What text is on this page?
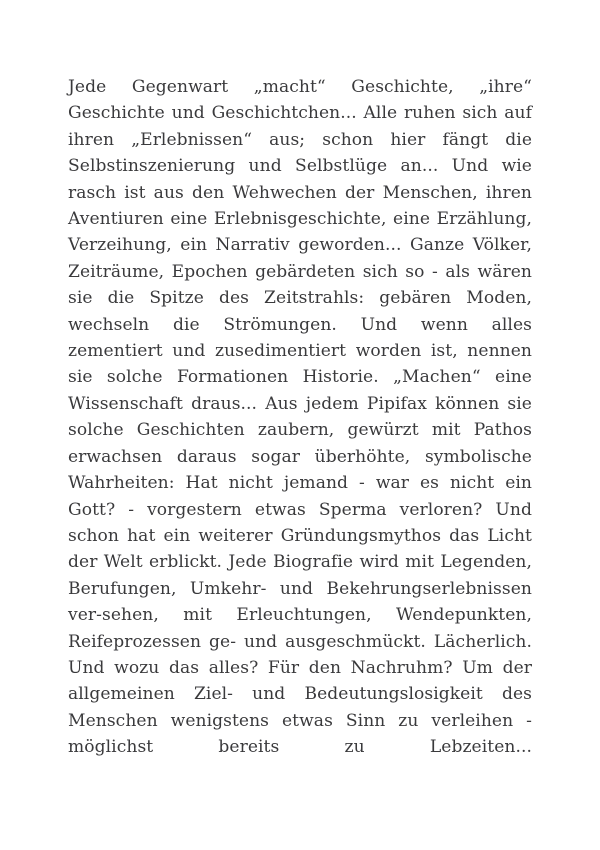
Jede Gegenwart „macht“ Geschichte, „ihre“ Geschichte und Geschichtchen... Alle ruhen sich auf ihren „Erlebnissen“ aus; schon hier fängt die Selbstinszenierung und Selbstlüge an... Und wie rasch ist aus den Wehwechen der Menschen, ihren Aventiuren eine Erlebnisgeschichte, eine Erzählung, Verzeihung, ein Narrativ geworden... Ganze Völker, Zeiträume, Epochen gebärdeten sich so - als wären sie die Spitze des Zeitstrahls: gebären Moden, wechseln die Strömungen. Und wenn alles zementiert und zusedimentiert worden ist, nennen sie solche Formationen Historie. „Machen“ eine Wissenschaft draus... Aus jedem Pipifax können sie solche Geschichten zaubern, gewürzt mit Pathos erwachsen daraus sogar überhöhte, symbolische Wahrheiten: Hat nicht jemand - war es nicht ein Gott? - vorgestern etwas Sperma verloren? Und schon hat ein weiterer Gründungsmythos das Licht der Welt erblickt. Jede Biografie wird mit Legenden, Berufungen, Umkehr- und Bekehrungserlebnissen ver-sehen, mit Erleuchtungen, Wendepunkten, Reifeprozessen ge- und ausgeschmückt. Lächerlich. Und wozu das alles? Für den Nachruhm? Um der allgemeinen Ziel- und Bedeutungslosigkeit des Menschen wenigstens etwas Sinn zu verleihen - möglichst bereits zu Lebzeiten...
